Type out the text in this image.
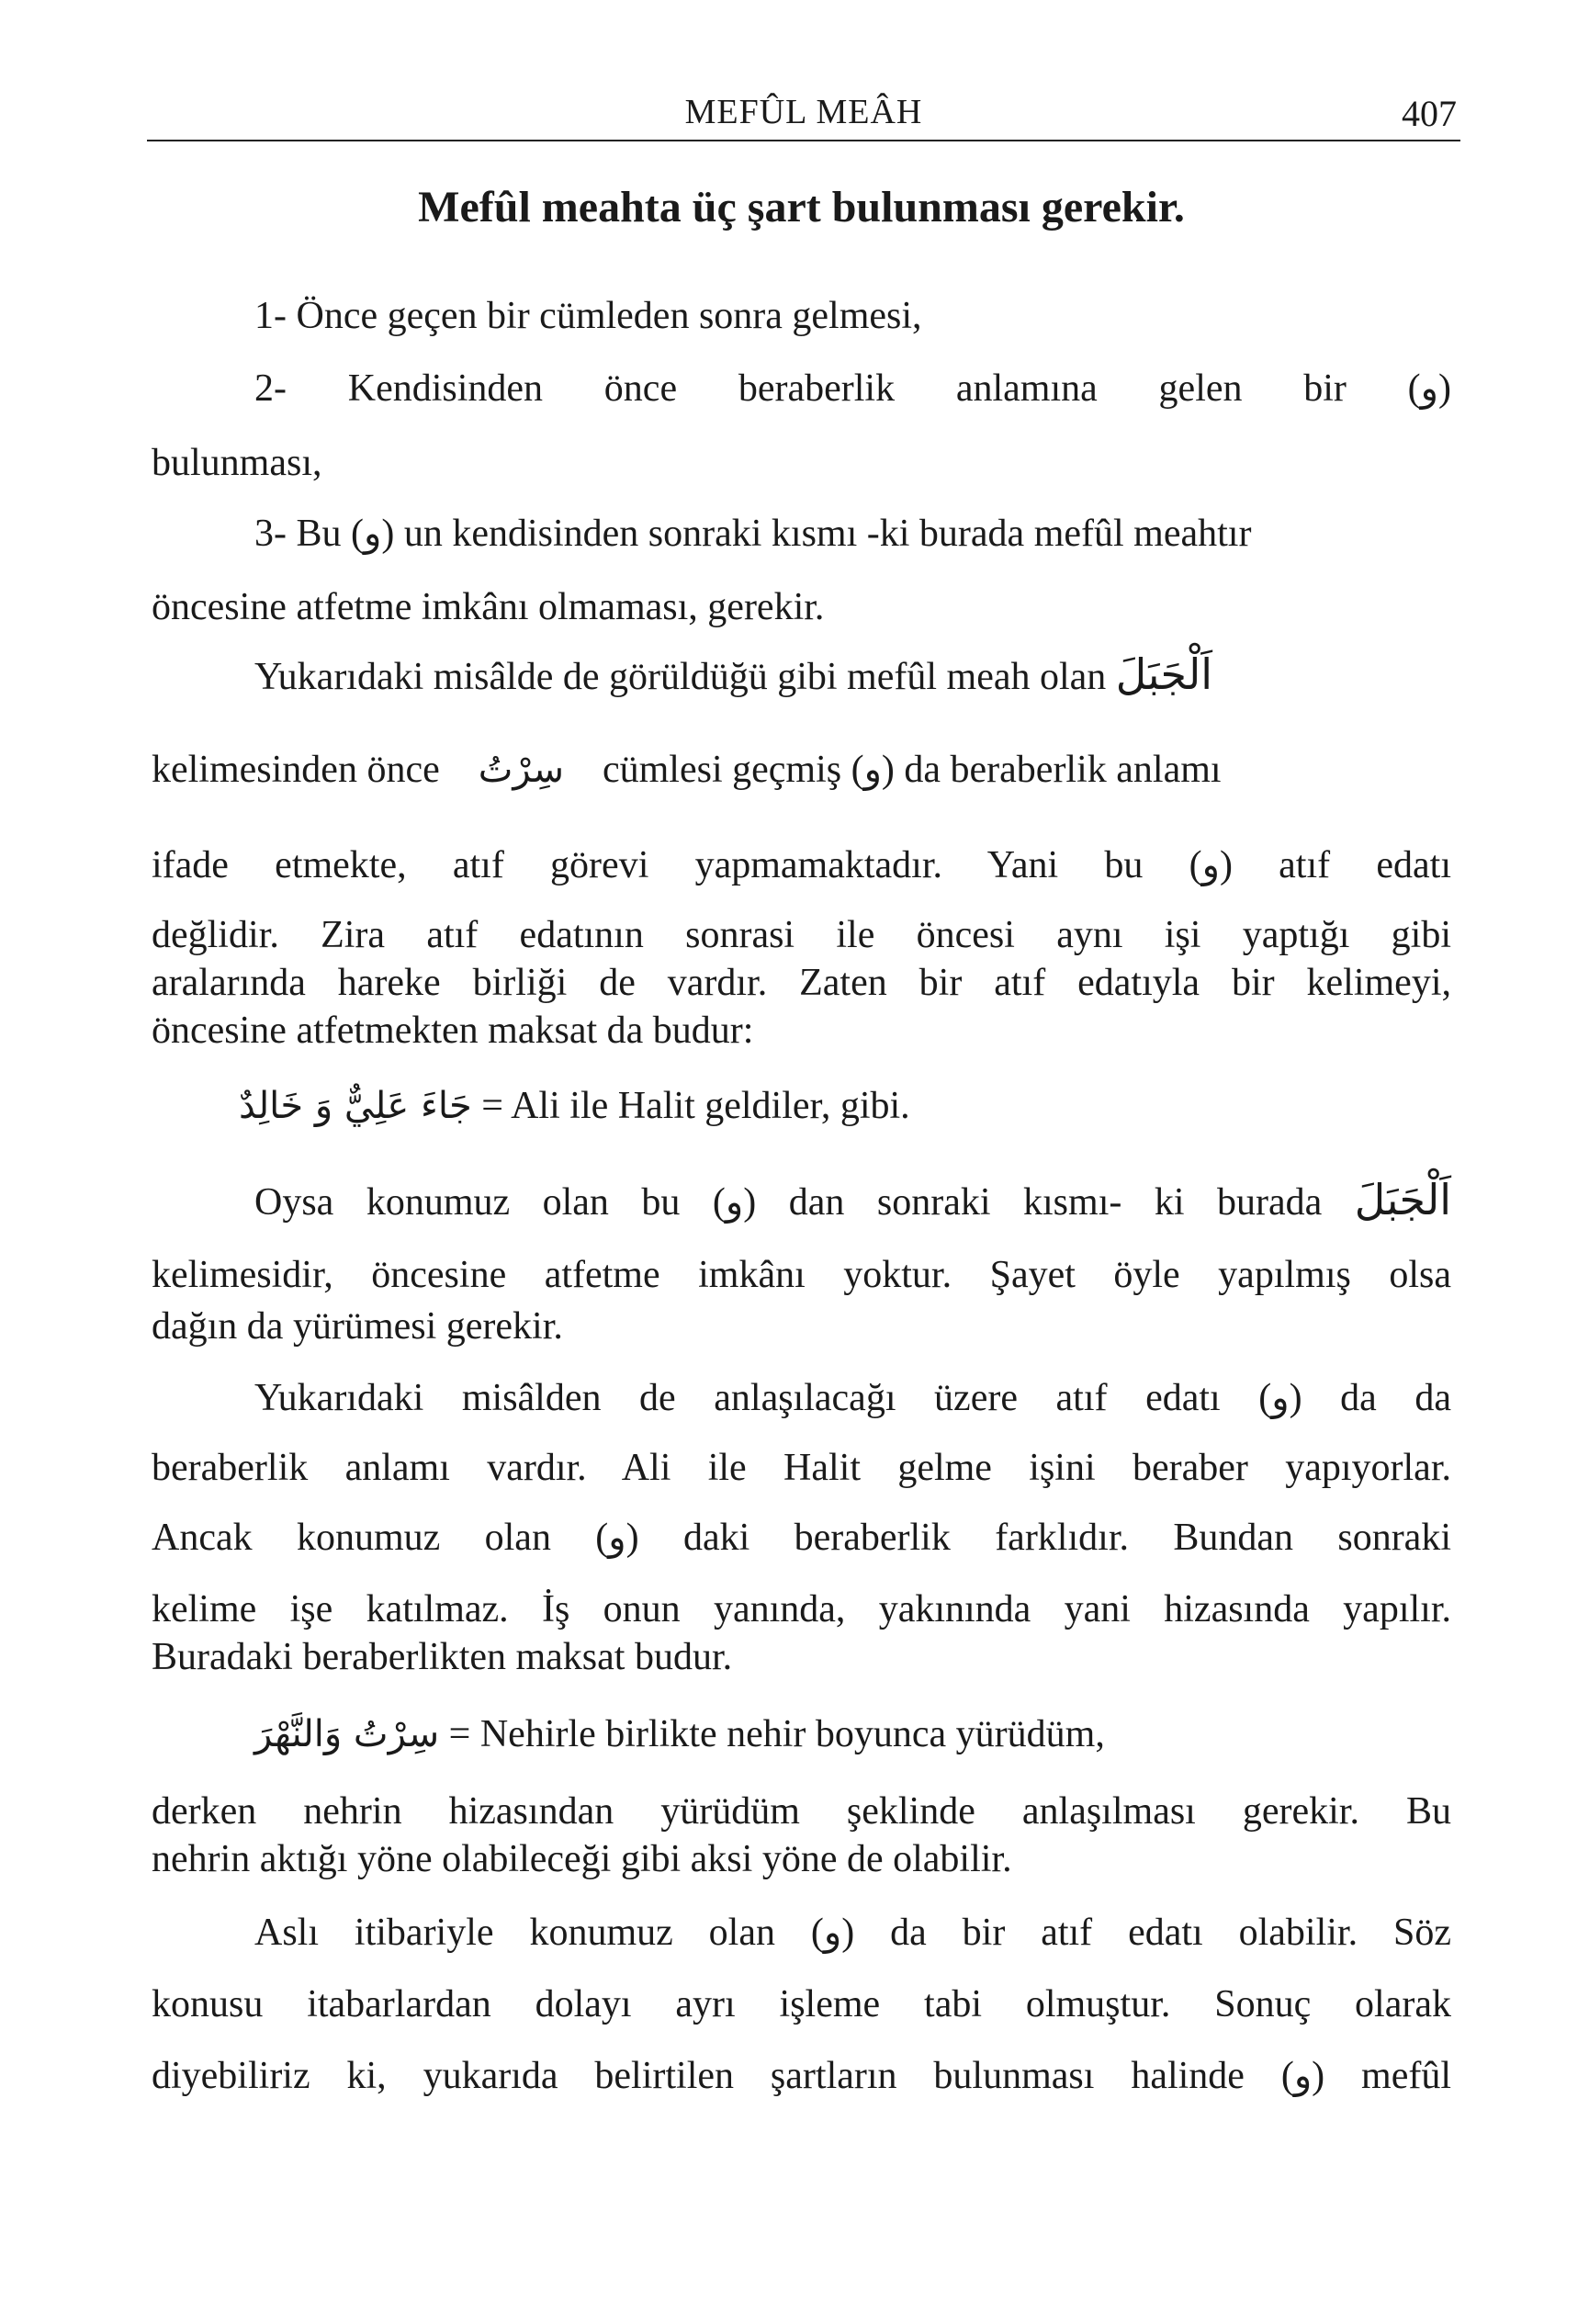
MEFÛL MEÂH	407
Mefûl meahta üç şart bulunması gerekir.
1- Önce geçen bir cümleden sonra gelmesi,
2- Kendisinden önce beraberlik anlamına gelen bir (و)
bulunması,
3- Bu (و) un kendisinden sonraki kısmı -ki burada mefûl meahtır
öncesine atfetme imkânı olmaması, gerekir.
Yukarıdaki misâlde de görüldüğü gibi mefûl meah olan اَلْجَبَلَ
kelimesinden önce سِرْتُ cümlesi geçmiş (و) da beraberlik anlamı
ifade etmekte, atıf görevi yapmamaktadır. Yani bu (و) atıf edatı
değlidir. Zira atıf edatının sonrasi ile öncesi aynı işi yaptığı gibi
aralarında hareke birliği de vardır. Zaten bir atıf edatıyla bir kelimeyi,
öncesine atfetmekten maksat da budur:
جَاءَ عَلِيٌّ وَ خَالِدٌ = Ali ile Halit geldiler, gibi.
Oysa konumuz olan bu (و) dan sonraki kısmı- ki burada اَلْجَبَلَ
kelimesidir, öncesine atfetme imkânı yoktur. Şayet öyle yapılmış olsa
dağın da yürümesi gerekir.
Yukarıdaki misâlden de anlaşılacağı üzere atıf edatı (و) da da
beraberlik anlamı vardır. Ali ile Halit gelme işini beraber yapıyorlar.
Ancak konumuz olan (و) daki beraberlik farklıdır. Bundan sonraki
kelime işe katılmaz. İş onun yanında, yakınında yani hizasında yapılır.
Buradaki beraberlikten maksat budur.
سِرْتُ وَالنَّهْرَ = Nehirle birlikte nehir boyunca yürüdüm,
derken nehrin hizasından yürüdüm şeklinde anlaşılması gerekir. Bu
nehrin aktığı yöne olabileceği gibi aksi yöne de olabilir.
Aslı itibariyle konumuz olan (و) da bir atıf edatı olabilir. Söz
konusu itabarlardan dolayı ayrı işleme tabi olmuştur. Sonuç olarak
diyebiliriz ki, yukarıda belirtilen şartların bulunması halinde (و) mefûl
